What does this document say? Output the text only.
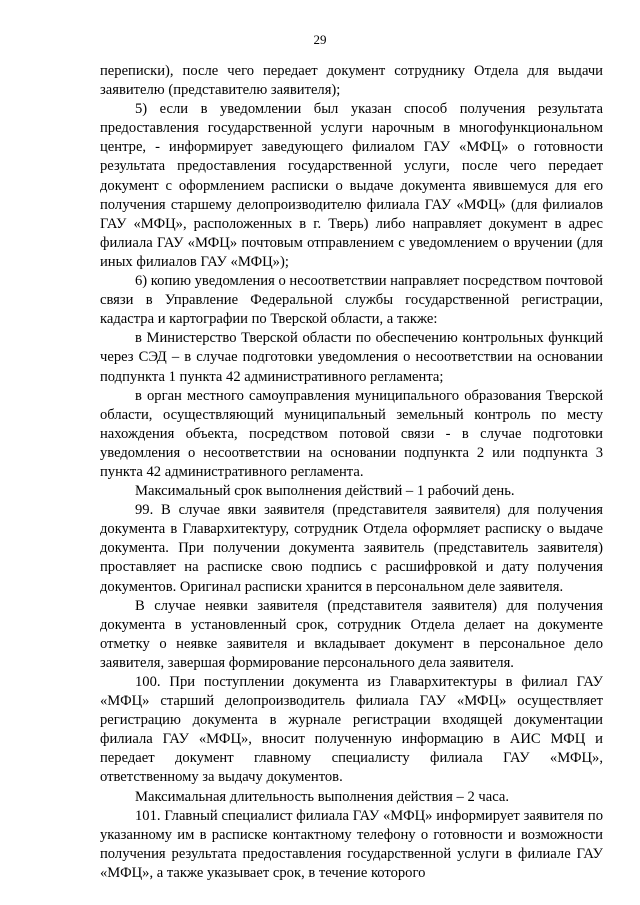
29

переписки), после чего передает документ сотруднику Отдела для выдачи заявителю (представителю заявителя);

5) если в уведомлении был указан способ получения результата предоставления государственной услуги нарочным в многофункциональном центре, - информирует заведующего филиалом ГАУ «МФЦ» о готовности результата предоставления государственной услуги, после чего передает документ с оформлением расписки о выдаче документа явившемуся для его получения старшему делопроизводителю филиала ГАУ «МФЦ» (для филиалов ГАУ «МФЦ», расположенных в г. Тверь) либо направляет документ в адрес филиала ГАУ «МФЦ» почтовым отправлением с уведомлением о вручении (для иных филиалов ГАУ «МФЦ»);

6) копию уведомления о несоответствии направляет посредством почтовой связи в Управление Федеральной службы государственной регистрации, кадастра и картографии по Тверской области, а также:

в Министерство Тверской области по обеспечению контрольных функций через СЭД – в случае подготовки уведомления о несоответствии на основании подпункта 1 пункта 42 административного регламента;

в орган местного самоуправления муниципального образования Тверской области, осуществляющий муниципальный земельный контроль по месту нахождения объекта, посредством потовой связи - в случае подготовки уведомления о несоответствии на основании подпункта 2 или подпункта 3 пункта 42 административного регламента.

Максимальный срок выполнения действий – 1 рабочий день.

99. В случае явки заявителя (представителя заявителя) для получения документа в Главархитектуру, сотрудник Отдела оформляет расписку о выдаче документа. При получении документа заявитель (представитель заявителя) проставляет на расписке свою подпись с расшифровкой и дату получения документов. Оригинал расписки хранится в персональном деле заявителя.

В случае неявки заявителя (представителя заявителя) для получения документа в установленный срок, сотрудник Отдела делает на документе отметку о неявке заявителя и вкладывает документ в персональное дело заявителя, завершая формирование персонального дела заявителя.

100. При поступлении документа из Главархитектуры в филиал ГАУ «МФЦ» старший делопроизводитель филиала ГАУ «МФЦ» осуществляет регистрацию документа в журнале регистрации входящей документации филиала ГАУ «МФЦ», вносит полученную информацию в АИС МФЦ и передает документ главному специалисту филиала ГАУ «МФЦ», ответственному за выдачу документов.

Максимальная длительность выполнения действия – 2 часа.

101. Главный специалист филиала ГАУ «МФЦ» информирует заявителя по указанному им в расписке контактному телефону о готовности и возможности получения результата предоставления государственной услуги в филиале ГАУ «МФЦ», а также указывает срок, в течение которого
